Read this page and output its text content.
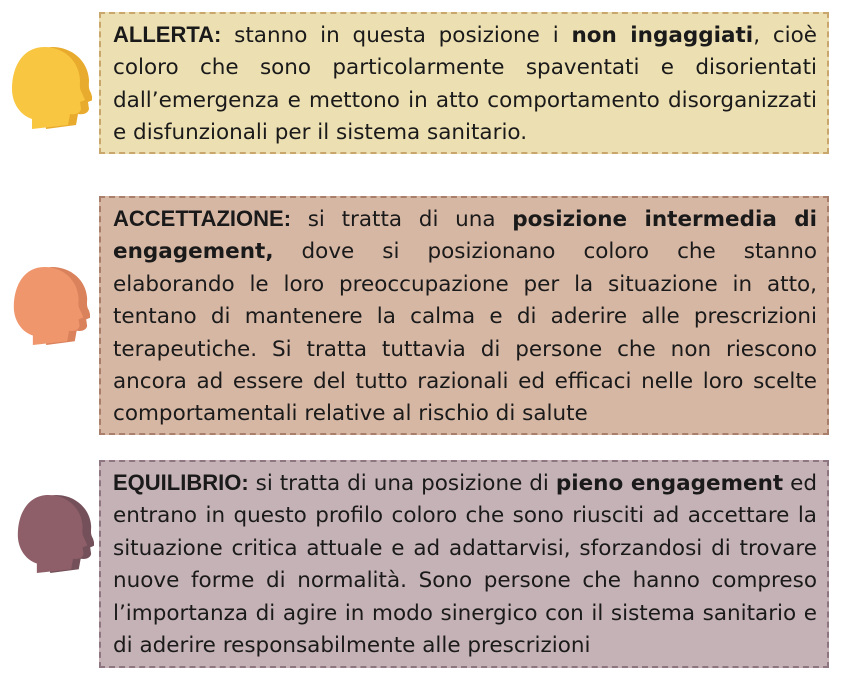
ALLERTA: stanno in questa posizione i non ingaggiati, cioè coloro che sono particolarmente spaventati e disorientati dall’emergenza e mettono in atto comportamento disorganizzati e disfunzionali per il sistema sanitario.

ACCETTAZIONE: si tratta di una posizione intermedia di engagement, dove si posizionano coloro che stanno elaborando le loro preoccupazione per la situazione in atto, tentano di mantenere la calma e di aderire alle prescrizioni terapeutiche. Si tratta tuttavia di persone che non riescono ancora ad essere del tutto razionali ed efficaci nelle loro scelte comportamentali relative al rischio di salute

EQUILIBRIO: si tratta di una posizione di pieno engagement ed entrano in questo profilo coloro che sono riusciti ad accettare la situazione critica attuale e ad adattarvisi, sforzandosi di trovare nuove forme di normalità. Sono persone che hanno compreso l’importanza di agire in modo sinergico con il sistema sanitario e di aderire responsabilmente alle prescrizioni
